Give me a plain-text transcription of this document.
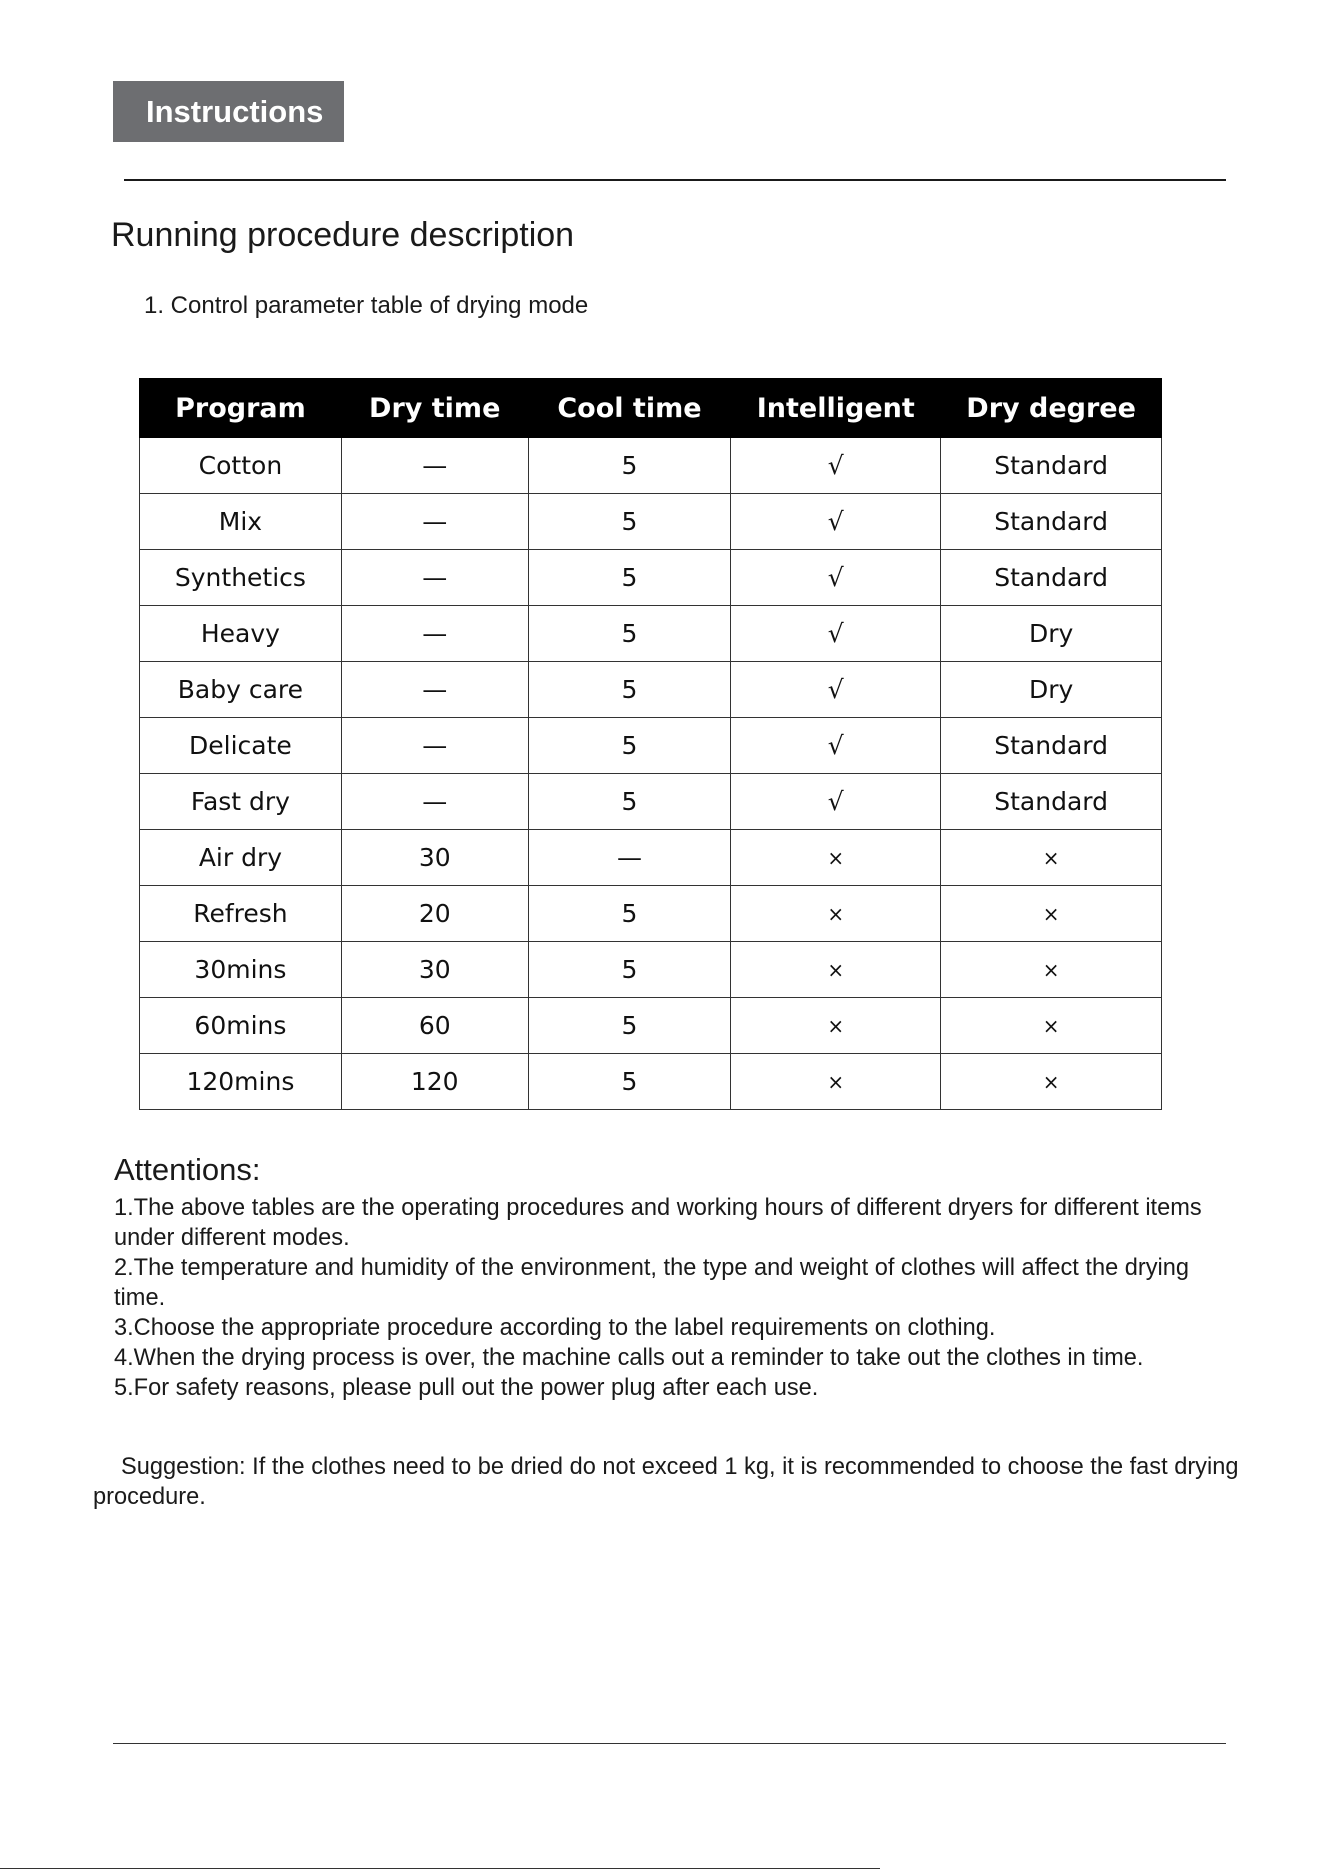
Instructions
Running procedure description
1. Control parameter table of drying mode
Program	Dry time	Cool time	Intelligent	Dry degree
Cotton	—	5	√	Standard
Mix	—	5	√	Standard
Synthetics	—	5	√	Standard
Heavy	—	5	√	Dry
Baby care	—	5	√	Dry
Delicate	—	5	√	Standard
Fast dry	—	5	√	Standard
Air dry	30	—	×	×
Refresh	20	5	×	×
30mins	30	5	×	×
60mins	60	5	×	×
120mins	120	5	×	×
Attentions:

1.The above tables are the operating procedures and working hours of different dryers for different items under different modes.

2.The temperature and humidity of the environment, the type and weight of clothes will affect the drying time.

3.Choose the appropriate procedure according to the label requirements on clothing.

4.When the drying process is over, the machine calls out a reminder to take out the clothes in time.

5.For safety reasons, please pull out the power plug after each use.

Suggestion: If the clothes need to be dried do not exceed 1 kg, it is recommended to choose the fast drying procedure.
